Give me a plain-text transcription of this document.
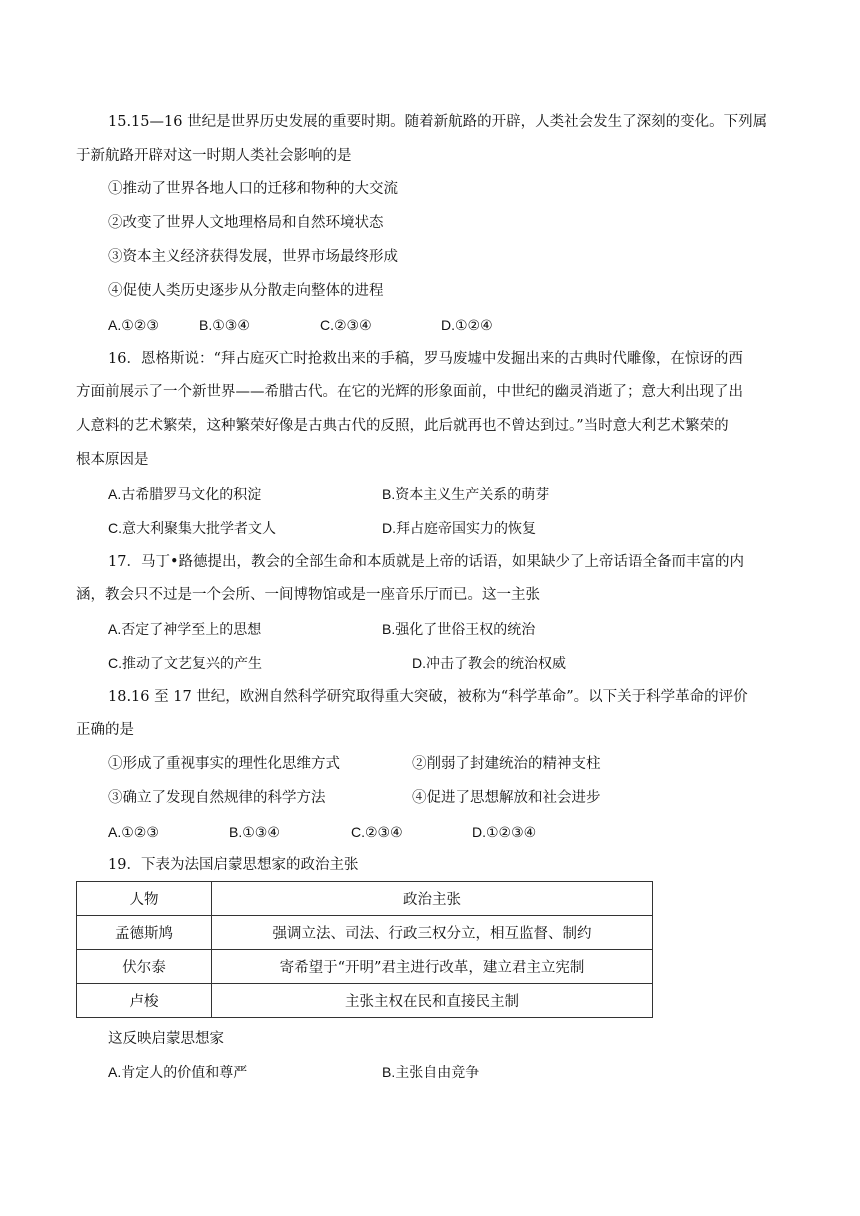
15.15—16 世纪是世界历史发展的重要时期。随着新航路的开辟，人类社会发生了深刻的变化。下列属
于新航路开辟对这一时期人类社会影响的是
①推动了世界各地人口的迁移和物种的大交流
②改变了世界人文地理格局和自然环境状态
③资本主义经济获得发展，世界市场最终形成
④促使人类历史逐步从分散走向整体的进程
A.①②③	B.①③④	C.②③④	D.①②④
16．恩格斯说：“拜占庭灭亡时抢救出来的手稿，罗马废墟中发掘出来的古典时代雕像，在惊讶的西
方面前展示了一个新世界——希腊古代。在它的光辉的形象面前，中世纪的幽灵消逝了；意大利出现了出
人意料的艺术繁荣，这种繁荣好像是古典古代的反照，此后就再也不曾达到过。”当时意大利艺术繁荣的
根本原因是
A.古希腊罗马文化的积淀	B.资本主义生产关系的萌芽
C.意大利聚集大批学者文人	D.拜占庭帝国实力的恢复
17．马丁•路德提出，教会的全部生命和本质就是上帝的话语，如果缺少了上帝话语全备而丰富的内
涵，教会只不过是一个会所、一间博物馆或是一座音乐厅而已。这一主张
A.否定了神学至上的思想	B.强化了世俗王权的统治
C.推动了文艺复兴的产生	D.冲击了教会的统治权威
18.16 至 17 世纪，欧洲自然科学研究取得重大突破，被称为“科学革命”。以下关于科学革命的评价
正确的是
①形成了重视事实的理性化思维方式	②削弱了封建统治的精神支柱
③确立了发现自然规律的科学方法	④促进了思想解放和社会进步
A.①②③	B.①③④	C.②③④	D.①②③④
19．下表为法国启蒙思想家的政治主张
人物	政治主张
孟德斯鸠	强调立法、司法、行政三权分立，相互监督、制约
伏尔泰	寄希望于“开明”君主进行改革，建立君主立宪制
卢梭	主张主权在民和直接民主制
这反映启蒙思想家
A.肯定人的价值和尊严	B.主张自由竞争
